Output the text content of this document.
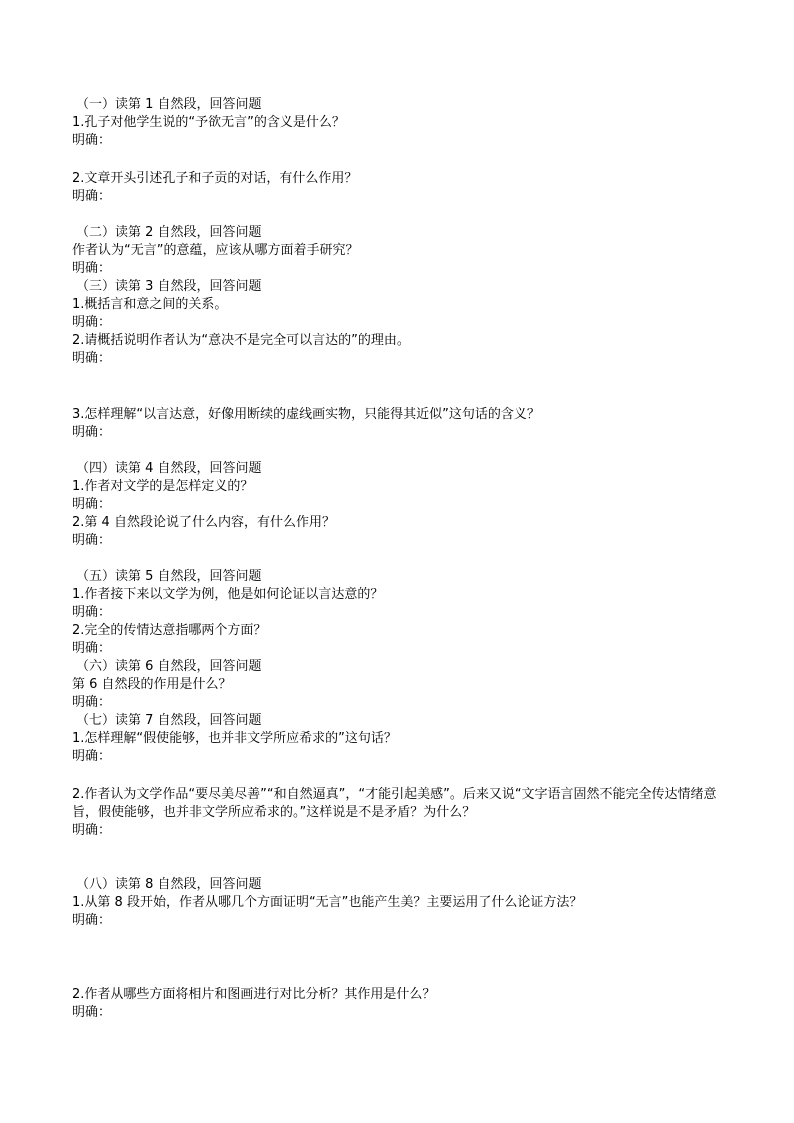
（一）读第 1 自然段，回答问题

1.孔子对他学生说的“予欲无言”的含义是什么？

明确：

2.文章开头引述孔子和子贡的对话，有什么作用？

明确：

（二）读第 2 自然段，回答问题

作者认为“无言”的意蕴，应该从哪方面着手研究？

明确：

（三）读第 3 自然段，回答问题

1.概括言和意之间的关系。

明确：

2.请概括说明作者认为“意决不是完全可以言达的”的理由。

明确：

3.怎样理解“以言达意，好像用断续的虚线画实物，只能得其近似”这句话的含义？

明确：

（四）读第 4 自然段，回答问题

1.作者对文学的是怎样定义的？

明确：

2.第 4 自然段论说了什么内容，有什么作用？

明确：

（五）读第 5 自然段，回答问题

1.作者接下来以文学为例，他是如何论证以言达意的？

明确：

2.完全的传情达意指哪两个方面？

明确：

（六）读第 6 自然段，回答问题

第 6 自然段的作用是什么？

明确：

（七）读第 7 自然段，回答问题

1.怎样理解“假使能够，也并非文学所应希求的”这句话？

明确：

2.作者认为文学作品“要尽美尽善”“和自然逼真”，“才能引起美感”。后来又说“文字语言固然不能完全传达情绪意旨，假使能够，也并非文学所应希求的。”这样说是不是矛盾？为什么？

明确：

（八）读第 8 自然段，回答问题

1.从第 8 段开始，作者从哪几个方面证明“无言”也能产生美？主要运用了什么论证方法？

明确：

2.作者从哪些方面将相片和图画进行对比分析？其作用是什么？

明确：
